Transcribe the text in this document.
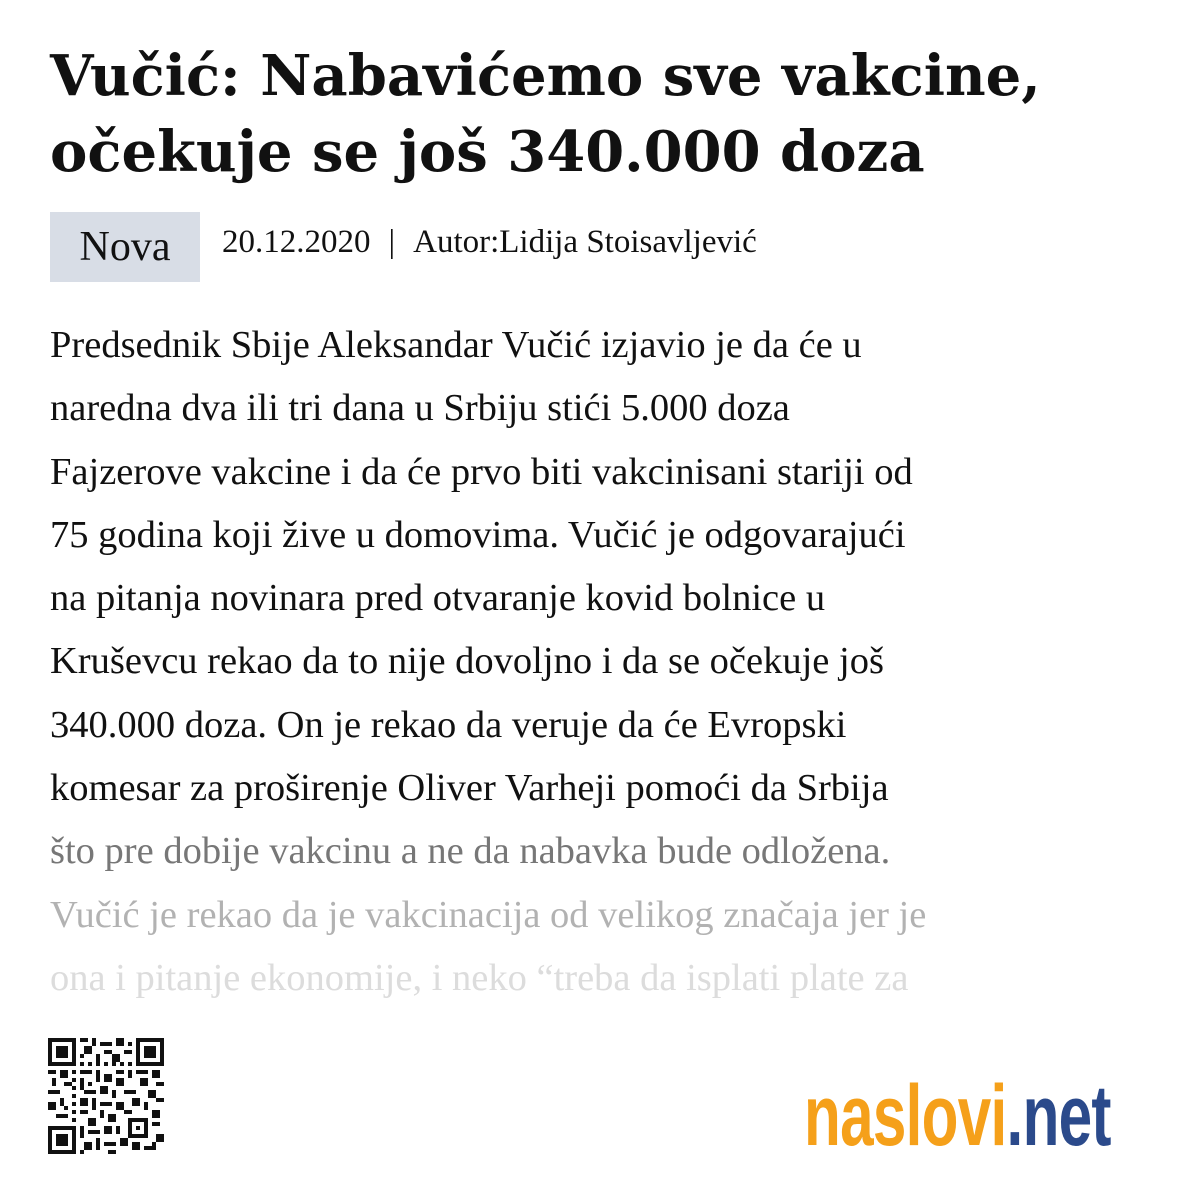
Vučić: Nabavićemo sve vakcine, očekuje se još 340.000 doza
Nova	20.12.2020 | Autor:Lidija Stoisavljević
Predsednik Sbije Aleksandar Vučić izjavio je da će u
naredna dva ili tri dana u Srbiju stići 5.000 doza
Fajzerove vakcine i da će prvo biti vakcinisani stariji od
75 godina koji žive u domovima. Vučić je odgovarajući
na pitanja novinara pred otvaranje kovid bolnice u
Kruševcu rekao da to nije dovoljno i da se očekuje još
340.000 doza. On je rekao da veruje da će Evropski
komesar za proširenje Oliver Varheji pomoći da Srbija
što pre dobije vakcinu a ne da nabavka bude odložena.
Vučić je rekao da je vakcinacija od velikog značaja jer je
ona i pitanje ekonomije, i neko “treba da isplati plate za
naslovi.net
